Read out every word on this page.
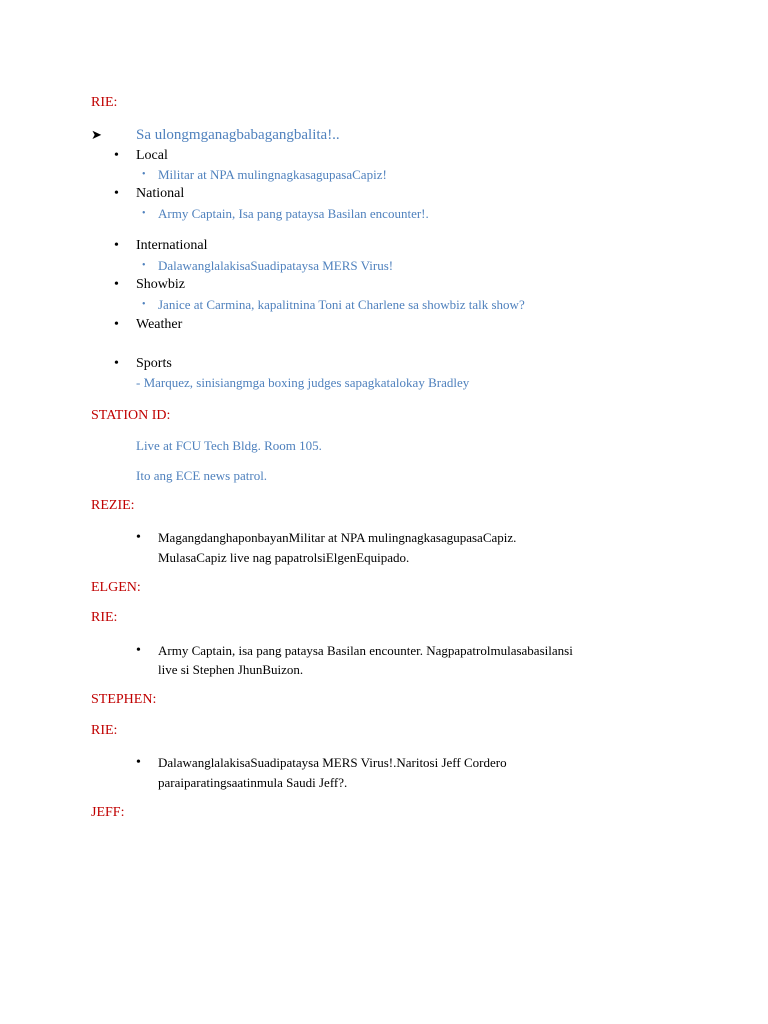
RIE:
➤ Sa ulongmganagbabagangbalita!..
• Local
• Militar at NPA mulingnagkasagupasaCapiz!
• National
• Army Captain, Isa pang pataysa Basilan encounter!.
• International
• DalawanglalakisaSuadipataysa MERS Virus!
• Showbiz
• Janice at Carmina, kapalitnina Toni at Charlene sa showbiz talk show?
• Weather
• Sports
- Marquez, sinisiangmga boxing judges sapagkatalokay Bradley
STATION ID:
Live at FCU Tech Bldg. Room 105.
Ito ang ECE news patrol.
REZIE:
• MagangdanghaponbayanMilitar at NPA mulingnagkasagupasaCapiz.
MulasaCapiz live nag papatrolsiElgenEquipado.
ELGEN:
RIE:
• Army Captain, isa pang pataysa Basilan encounter. Nagpapatrolmulasabasilansi
live si Stephen JhunBuizon.
STEPHEN:
RIE:
• DalawanglalakisaSuadipataysa MERS Virus!.Naritosi Jeff Cordero
paraiparatingsaatinmula Saudi Jeff?.
JEFF:
